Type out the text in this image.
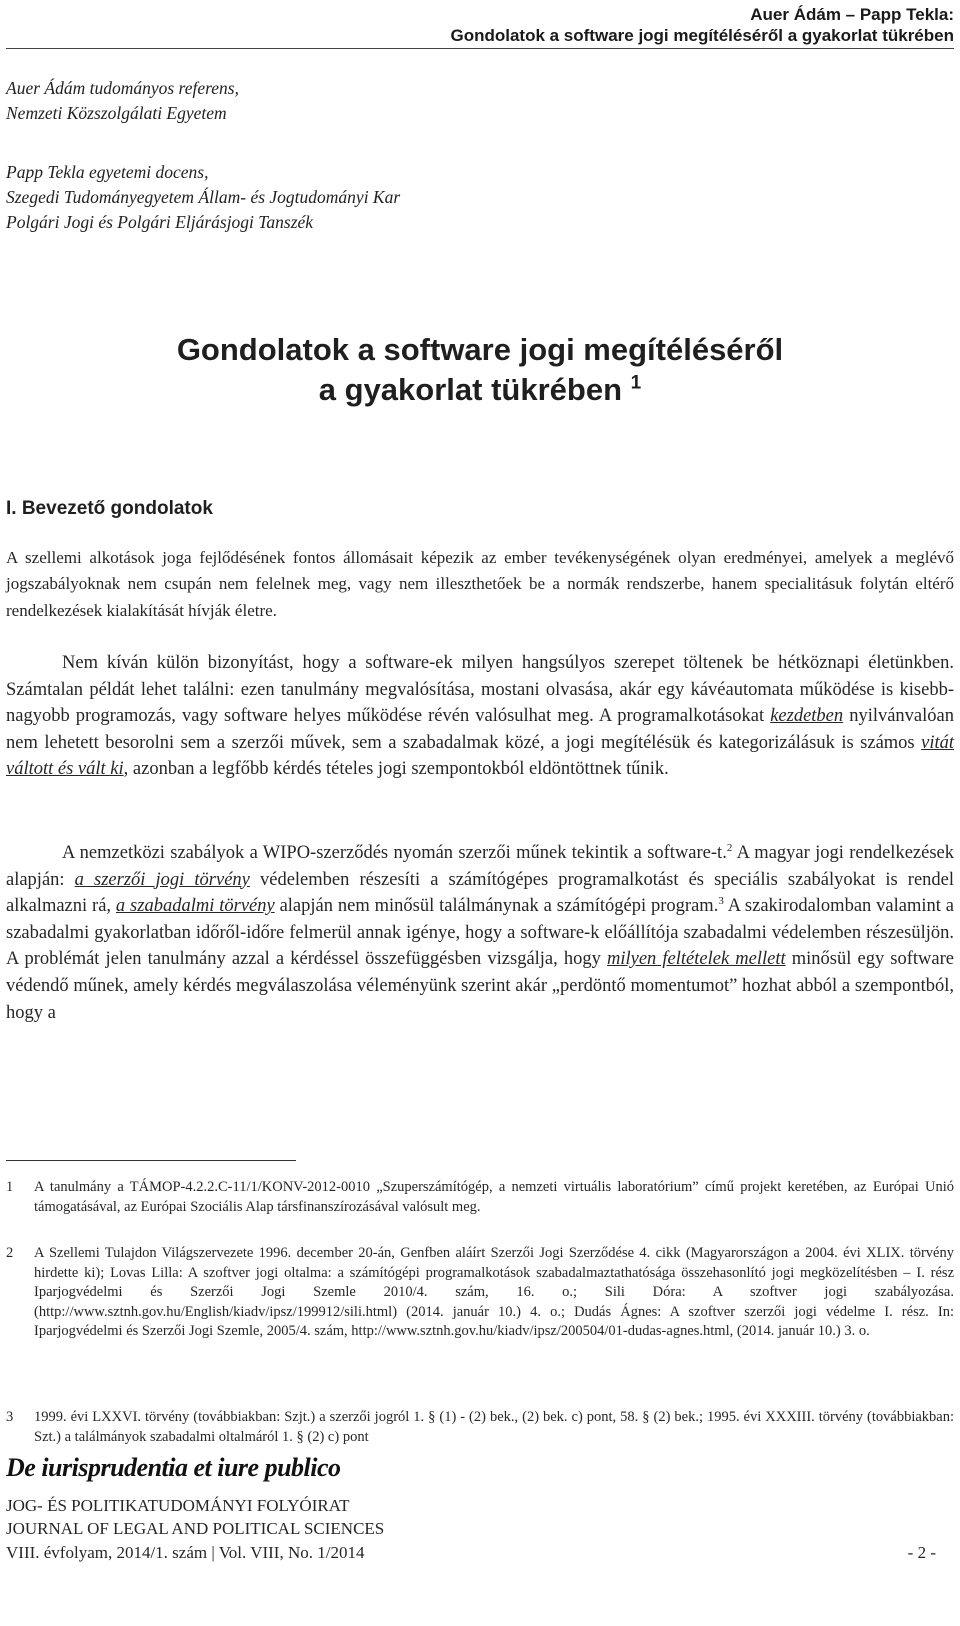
Auer Ádám – Papp Tekla:
Gondolatok a software jogi megítéléséről a gyakorlat tükrében
Auer Ádám tudományos referens,
Nemzeti Közszolgálati Egyetem
Papp Tekla egyetemi docens,
Szegedi Tudományegyetem Állam- és Jogtudományi Kar
Polgári Jogi és Polgári Eljárásjogi Tanszék
Gondolatok a software jogi megítéléséről
a gyakorlat tükrében $^1$
I. Bevezető gondolatok

A szellemi alkotások joga fejlődésének fontos állomásait képezik az ember tevékenységének olyan eredményei, amelyek a meglévő jogszabályoknak nem csupán nem felelnek meg, vagy nem illeszthetőek be a normák rendszerbe, hanem specialitásuk folytán eltérő rendelkezések kialakítását hívják életre.

Nem kíván külön bizonyítást, hogy a software-ek milyen hangsúlyos szerepet töltenek be hétköznapi életünkben. Számtalan példát lehet találni: ezen tanulmány megvalósítása, mostani olvasása, akár egy kávéautomata működése is kisebb-nagyobb programozás, vagy software helyes működése révén valósulhat meg. A programalkotásokat kezdetben nyilvánvalóan nem lehetett besorolni sem a szerzői művek, sem a szabadalmak közé, a jogi megítélésük és kategorizálásuk is számos vitát váltott és vált ki, azonban a legfőbb kérdés tételes jogi szempontokból eldöntöttnek tűnik.

A nemzetközi szabályok a WIPO-szerződés nyomán szerzői műnek tekintik a software-t.$^2$ A magyar jogi rendelkezések alapján: a szerzői jogi törvény védelemben részesíti a számítógépes programalkotást és speciális szabályokat is rendel alkalmazni rá, a szabadalmi törvény alapján nem minősül találmánynak a számítógépi program.$^3$ A szakirodalomban valamint a szabadalmi gyakorlatban időről-időre felmerül annak igénye, hogy a software-k előállítója szabadalmi védelemben részesüljön. A problémát jelen tanulmány azzal a kérdéssel összefüggésben vizsgálja, hogy milyen feltételek mellett minősül egy software védendő műnek, amely kérdés megválaszolása véleményünk szerint akár „perdöntő momentumot” hozhat abból a szempontból, hogy a

1	A tanulmány a TÁMOP-4.2.2.C-11/1/KONV-2012-0010 „Szuperszámítógép, a nemzeti virtuális laboratórium” című projekt keretében, az Európai Unió támogatásával, az Európai Szociális Alap társfinanszírozásával valósult meg.
2	A Szellemi Tulajdon Világszervezete 1996. december 20-án, Genfben aláírt Szerzői Jogi Szerződése 4. cikk (Magyarországon a 2004. évi XLIX. törvény hirdette ki); Lovas Lilla: A szoftver jogi oltalma: a számítógépi programalkotások szabadalmaztathatósága összehasonlító jogi megközelítésben – I. rész Iparjogvédelmi és Szerzői Jogi Szemle 2010/4. szám, 16. o.; Sili Dóra: A szoftver jogi szabályozása. (http://www.sztnh.gov.hu/English/kiadv/ipsz/199912/sili.html) (2014. január 10.) 4. o.; Dudás Ágnes: A szoftver szerzői jogi védelme I. rész. In: Iparjogvédelmi és Szerzői Jogi Szemle, 2005/4. szám, http://www.sztnh.gov.hu/kiadv/ipsz/200504/01-dudas-agnes.html, (2014. január 10.) 3. o.
3	1999. évi LXXVI. törvény (továbbiakban: Szjt.) a szerzői jogról 1. § (1) - (2) bek., (2) bek. c) pont, 58. § (2) bek.; 1995. évi XXXIII. törvény (továbbiakban: Szt.) a találmányok szabadalmi oltalmáról 1. § (2) c) pont
De iurisprudentia et iure publico
JOG- ÉS POLITIKATUDOMÁNYI FOLYÓIRAT
JOURNAL OF LEGAL AND POLITICAL SCIENCES
VIII. évfolyam, 2014/1. szám | Vol. VIII, No. 1/2014	- 2 -
